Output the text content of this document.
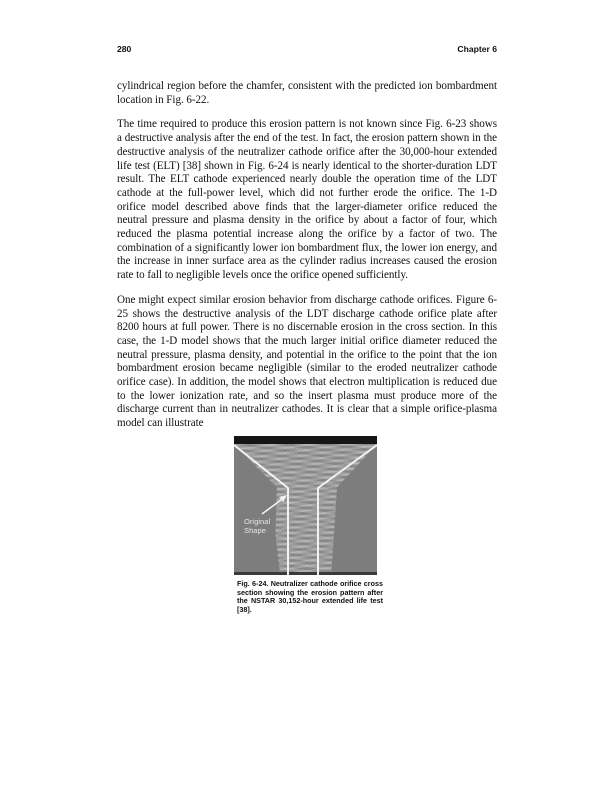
280	Chapter 6

cylindrical region before the chamfer, consistent with the predicted ion bombardment location in Fig. 6-22.

The time required to produce this erosion pattern is not known since Fig. 6-23 shows a destructive analysis after the end of the test. In fact, the erosion pattern shown in the destructive analysis of the neutralizer cathode orifice after the 30,000-hour extended life test (ELT) [38] shown in Fig. 6-24 is nearly identical to the shorter-duration LDT result. The ELT cathode experienced nearly double the operation time of the LDT cathode at the full-power level, which did not further erode the orifice. The 1-D orifice model described above finds that the larger-diameter orifice reduced the neutral pressure and plasma density in the orifice by about a factor of four, which reduced the plasma potential increase along the orifice by a factor of two. The combination of a significantly lower ion bombardment flux, the lower ion energy, and the increase in inner surface area as the cylinder radius increases caused the erosion rate to fall to negligible levels once the orifice opened sufficiently.

One might expect similar erosion behavior from discharge cathode orifices. Figure 6-25 shows the destructive analysis of the LDT discharge cathode orifice plate after 8200 hours at full power. There is no discernable erosion in the cross section. In this case, the 1-D model shows that the much larger initial orifice diameter reduced the neutral pressure, plasma density, and potential in the orifice to the point that the ion bombardment erosion became negligible (similar to the eroded neutralizer cathode orifice case). In addition, the model shows that electron multiplication is reduced due to the lower ionization rate, and so the insert plasma must produce more of the discharge current than in neutralizer cathodes. It is clear that a simple orifice-plasma model can illustrate

Original
Shape
Fig. 6-24. Neutralizer cathode orifice cross section showing the erosion pattern after the NSTAR 30,152-hour extended life test [38].
